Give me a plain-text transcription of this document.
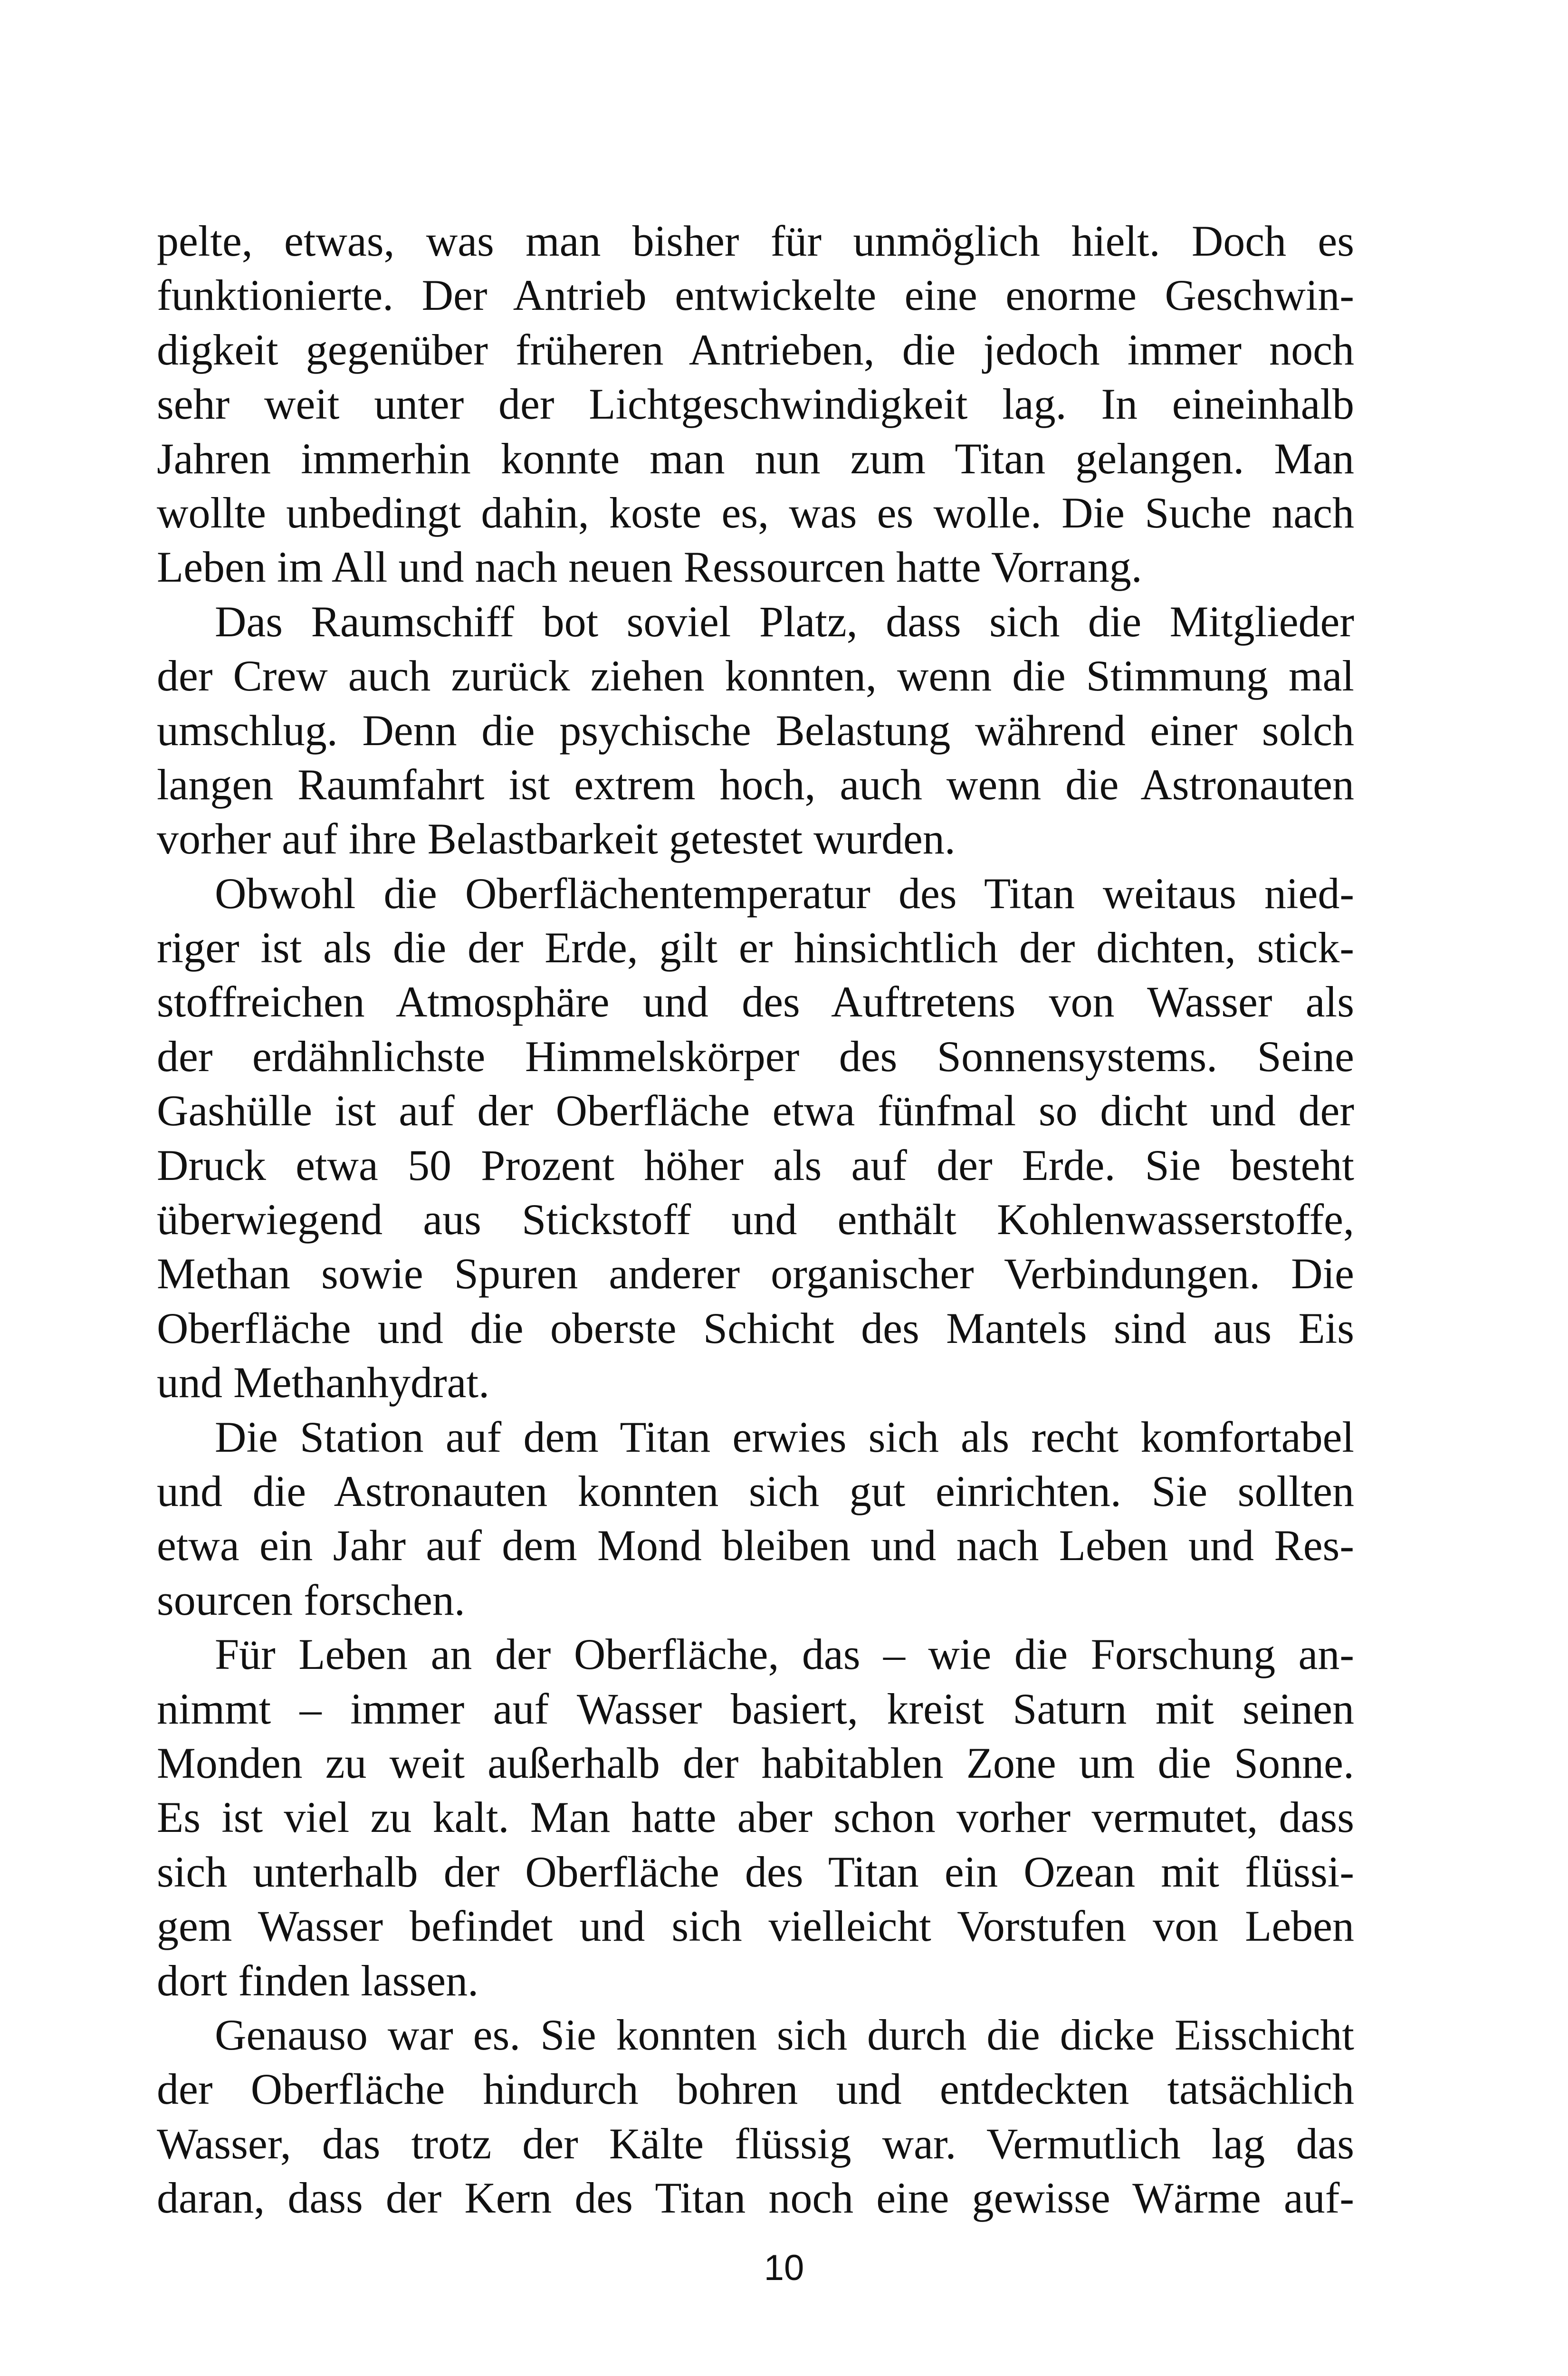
pelte, etwas, was man bisher für unmöglich hielt. Doch es
funktionierte. Der Antrieb entwickelte eine enorme Geschwin-
digkeit gegenüber früheren Antrieben, die jedoch immer noch
sehr weit unter der Lichtgeschwindigkeit lag. In eineinhalb
Jahren immerhin konnte man nun zum Titan gelangen. Man
wollte unbedingt dahin, koste es, was es wolle. Die Suche nach
Leben im All und nach neuen Ressourcen hatte Vorrang.

Das Raumschiff bot soviel Platz, dass sich die Mitglieder
der Crew auch zurück ziehen konnten, wenn die Stimmung mal
umschlug. Denn die psychische Belastung während einer solch
langen Raumfahrt ist extrem hoch, auch wenn die Astronauten
vorher auf ihre Belastbarkeit getestet wurden.

Obwohl die Oberflächentemperatur des Titan weitaus nied-
riger ist als die der Erde, gilt er hinsichtlich der dichten, stick-
stoffreichen Atmosphäre und des Auftretens von Wasser als
der erdähnlichste Himmelskörper des Sonnensystems. Seine
Gashülle ist auf der Oberfläche etwa fünfmal so dicht und der
Druck etwa 50 Prozent höher als auf der Erde. Sie besteht
überwiegend aus Stickstoff und enthält Kohlenwasserstoffe,
Methan sowie Spuren anderer organischer Verbindungen. Die
Oberfläche und die oberste Schicht des Mantels sind aus Eis
und Methanhydrat.

Die Station auf dem Titan erwies sich als recht komfortabel
und die Astronauten konnten sich gut einrichten. Sie sollten
etwa ein Jahr auf dem Mond bleiben und nach Leben und Res-
sourcen forschen.

Für Leben an der Oberfläche, das – wie die Forschung an-
nimmt – immer auf Wasser basiert, kreist Saturn mit seinen
Monden zu weit außerhalb der habitablen Zone um die Sonne.
Es ist viel zu kalt. Man hatte aber schon vorher vermutet, dass
sich unterhalb der Oberfläche des Titan ein Ozean mit flüssi-
gem Wasser befindet und sich vielleicht Vorstufen von Leben
dort finden lassen.

Genauso war es. Sie konnten sich durch die dicke Eisschicht
der Oberfläche hindurch bohren und entdeckten tatsächlich
Wasser, das trotz der Kälte flüssig war. Vermutlich lag das
daran, dass der Kern des Titan noch eine gewisse Wärme auf-

10
